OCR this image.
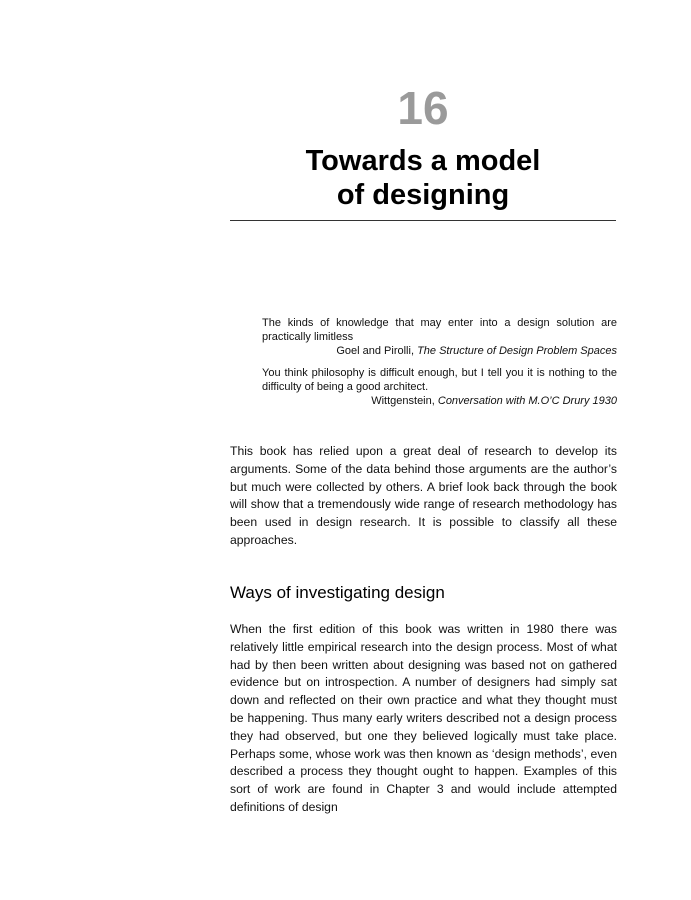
16
Towards a model
of designing

The kinds of knowledge that may enter into a design solution are practically limitless

Goel and Pirolli, The Structure of Design Problem Spaces

You think philosophy is difficult enough, but I tell you it is nothing to the difficulty of being a good architect.

Wittgenstein, Conversation with M.O’C Drury 1930

This book has relied upon a great deal of research to develop its arguments. Some of the data behind those arguments are the author’s but much were collected by others. A brief look back through the book will show that a tremendously wide range of research methodology has been used in design research. It is possible to classify all these approaches.

Ways of investigating design

When the first edition of this book was written in 1980 there was relatively little empirical research into the design process. Most of what had by then been written about designing was based not on gathered evidence but on introspection. A number of designers had simply sat down and reflected on their own practice and what they thought must be happening. Thus many early writers described not a design process they had observed, but one they believed logically must take place. Perhaps some, whose work was then known as ‘design methods’, even described a process they thought ought to happen. Examples of this sort of work are found in Chapter 3 and would include attempted definitions of design
